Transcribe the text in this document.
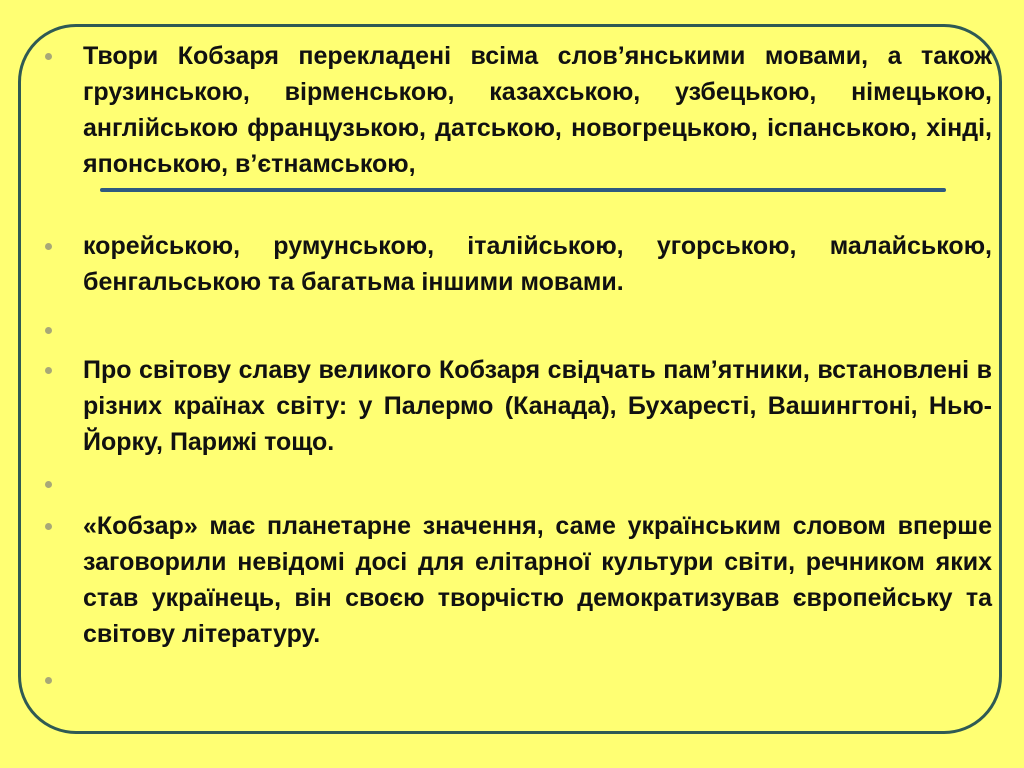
Твори Кобзаря перекладені всіма слов’янськими мовами, а також грузинською, вірменською, казахською, узбецькою, німецькою, англійською французькою, датською, новогрецькою, іспанською, хінді, японською, в’єтнамською,
корейською, румунською, італійською, угорською, малайською, бенгальською та багатьма іншими мовами.
Про світову славу великого Кобзаря свідчать пам’ятники, встановлені в різних країнах світу: у Палермо (Канада), Бухаресті, Вашингтоні, Нью-Йорку, Парижі тощо.
«Кобзар» має планетарне значення, саме українським словом вперше заговорили невідомі досі для елітарної культури світи, речником яких став українець, він своєю творчістю демократизував європейську та світову літературу.
